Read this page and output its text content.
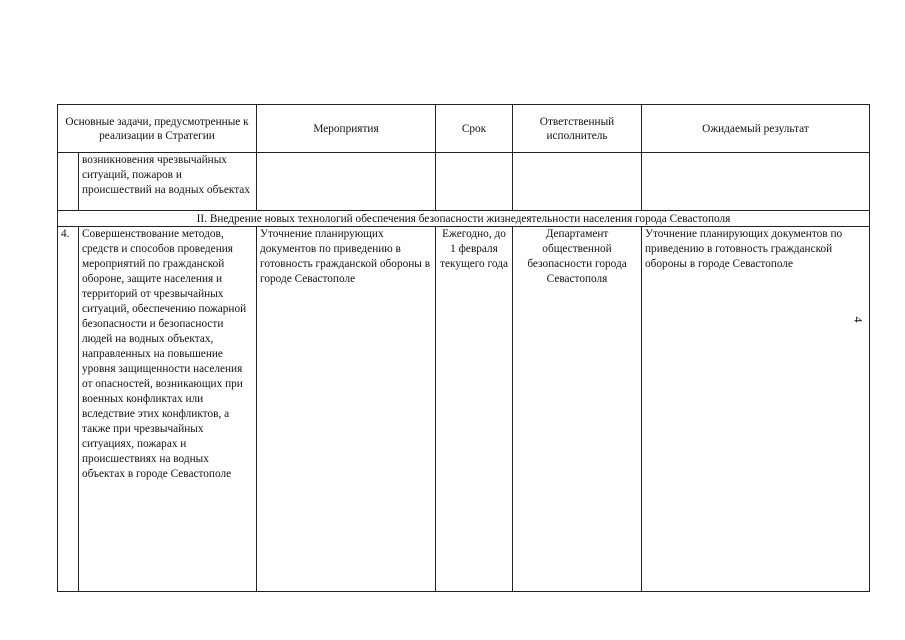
Основные задачи, предусмотренные к реализации в Стратегии		Мероприятия	Срок	Ответственный исполнитель	Ожидаемый результат
	возникновения чрезвычайных ситуаций, пожаров и происшествий на водных объектах				
II. Внедрение новых технологий обеспечения безопасности жизнедеятельности населения города Севастополя					
4.	Совершенствование методов, средств и способов проведения мероприятий по гражданской обороне, защите населения и территорий от чрезвычайных ситуаций, обеспечению пожарной безопасности и безопасности людей на водных объектах, направленных на повышение уровня защищенности населения от опасностей, возникающих при военных конфликтах или вследствие этих конфликтов, а также при чрезвычайных ситуациях, пожарах и происшествиях на водных объектах в городе Севастополе	Уточнение планирующих документов по приведению в готовность гражданской обороны в городе Севастополе	Ежегодно, до 1 февраля текущего года	Департамент общественной безопасности города Севастополя	Уточнение планирующих документов по приведению в готовность гражданской обороны в городе Севастополе
4
